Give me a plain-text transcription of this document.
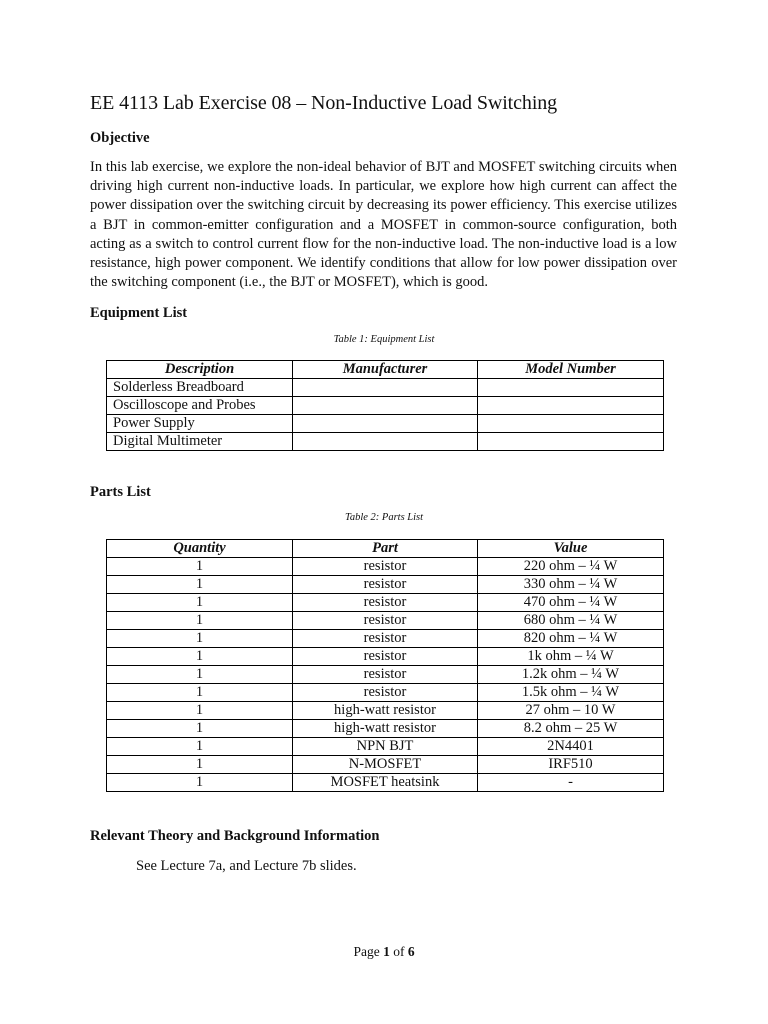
EE 4113 Lab Exercise 08 – Non-Inductive Load Switching

Objective

In this lab exercise, we explore the non-ideal behavior of BJT and MOSFET switching circuits when driving high current non-inductive loads. In particular, we explore how high current can affect the power dissipation over the switching circuit by decreasing its power efficiency. This exercise utilizes a BJT in common-emitter configuration and a MOSFET in common-source configuration, both acting as a switch to control current flow for the non-inductive load. The non-inductive load is a low resistance, high power component. We identify conditions that allow for low power dissipation over the switching component (i.e., the BJT or MOSFET), which is good.

Equipment List

Table 1: Equipment List

Description	Manufacturer	Model Number
Solderless Breadboard		
Oscilloscope and Probes		
Power Supply		
Digital Multimeter		

Parts List

Table 2: Parts List

Quantity	Part	Value
1	resistor	220 ohm – ¼ W
1	resistor	330 ohm – ¼ W
1	resistor	470 ohm – ¼ W
1	resistor	680 ohm – ¼ W
1	resistor	820 ohm – ¼ W
1	resistor	1k ohm – ¼ W
1	resistor	1.2k ohm – ¼ W
1	resistor	1.5k ohm – ¼ W
1	high-watt resistor	27 ohm – 10 W
1	high-watt resistor	8.2 ohm – 25 W
1	NPN BJT	2N4401
1	N-MOSFET	IRF510
1	MOSFET heatsink	-

Relevant Theory and Background Information

See Lecture 7a, and Lecture 7b slides.

Page 1 of 6
